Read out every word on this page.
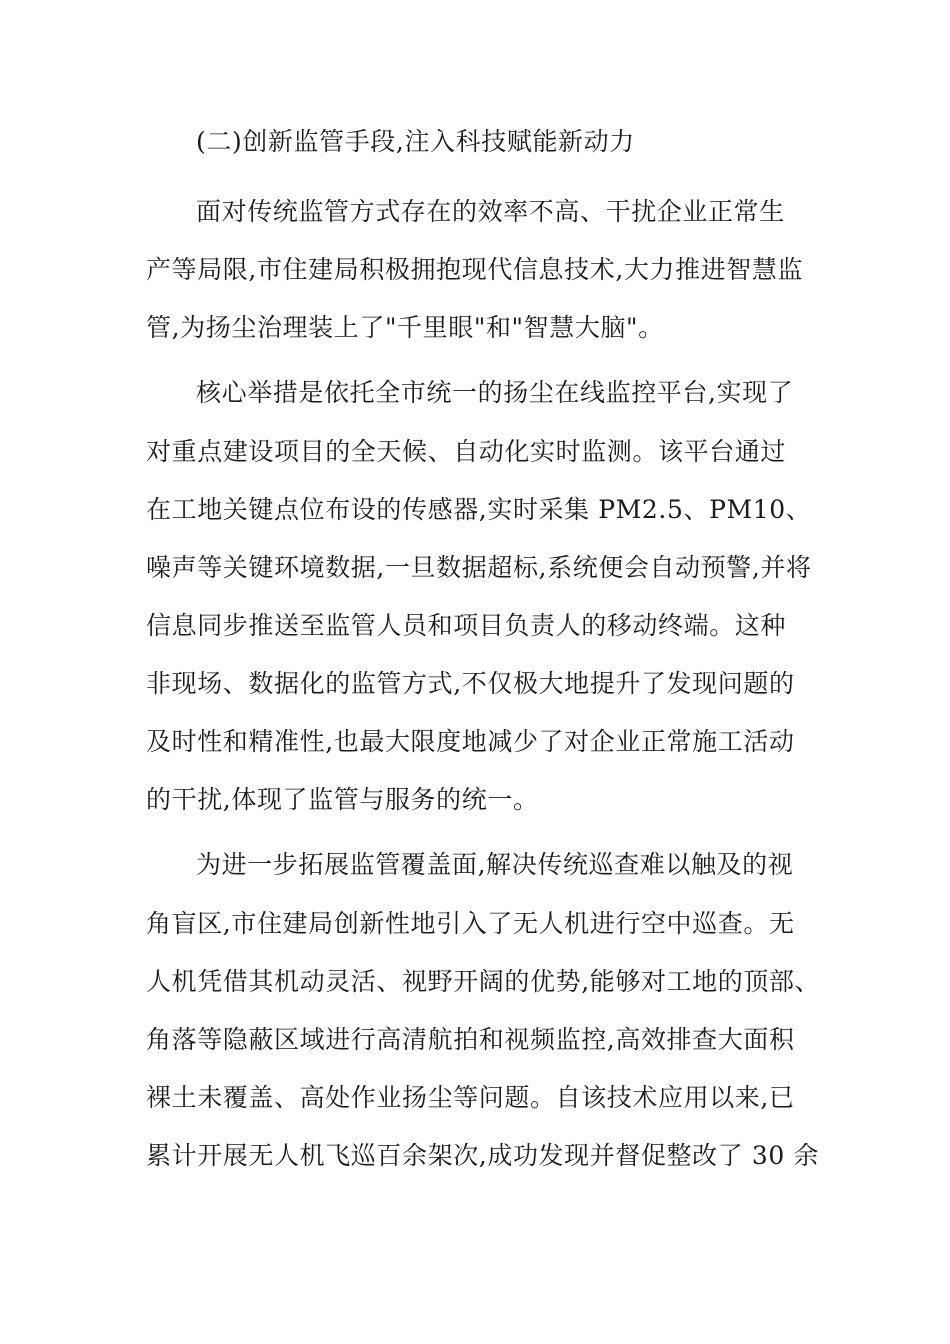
(二)创新监管手段,注入科技赋能新动力
面对传统监管方式存在的效率不高、干扰企业正常生
产等局限,市住建局积极拥抱现代信息技术,大力推进智慧监
管,为扬尘治理装上了"千里眼"和"智慧大脑"。
核心举措是依托全市统一的扬尘在线监控平台,实现了
对重点建设项目的全天候、自动化实时监测。该平台通过
在工地关键点位布设的传感器,实时采集 PM2.5、PM10、
噪声等关键环境数据,一旦数据超标,系统便会自动预警,并将
信息同步推送至监管人员和项目负责人的移动终端。这种
非现场、数据化的监管方式,不仅极大地提升了发现问题的
及时性和精准性,也最大限度地减少了对企业正常施工活动
的干扰,体现了监管与服务的统一。
为进一步拓展监管覆盖面,解决传统巡查难以触及的视
角盲区,市住建局创新性地引入了无人机进行空中巡查。无
人机凭借其机动灵活、视野开阔的优势,能够对工地的顶部、
角落等隐蔽区域进行高清航拍和视频监控,高效排查大面积
裸土未覆盖、高处作业扬尘等问题。自该技术应用以来,已
累计开展无人机飞巡百余架次,成功发现并督促整改了 30 余
